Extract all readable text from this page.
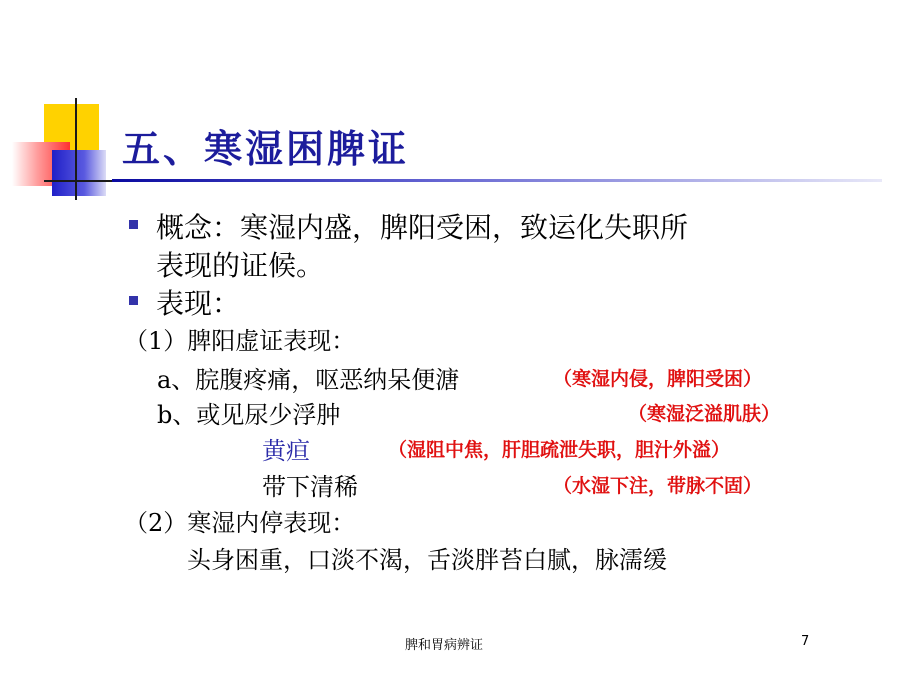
五、寒湿困脾证
概念：寒湿内盛，脾阳受困，致运化失职所
表现的证候。
表现：
（1）脾阳虚证表现：
a、脘腹疼痛，呕恶纳呆便溏	（寒湿内侵，脾阳受困）
b、或见尿少浮肿	（寒湿泛溢肌肤）
黄疸	（湿阻中焦，肝胆疏泄失职，胆汁外溢）
带下清稀	（水湿下注，带脉不固）
（2）寒湿内停表现：
头身困重，口淡不渴，舌淡胖苔白腻，脉濡缓
脾和胃病辨证	7
